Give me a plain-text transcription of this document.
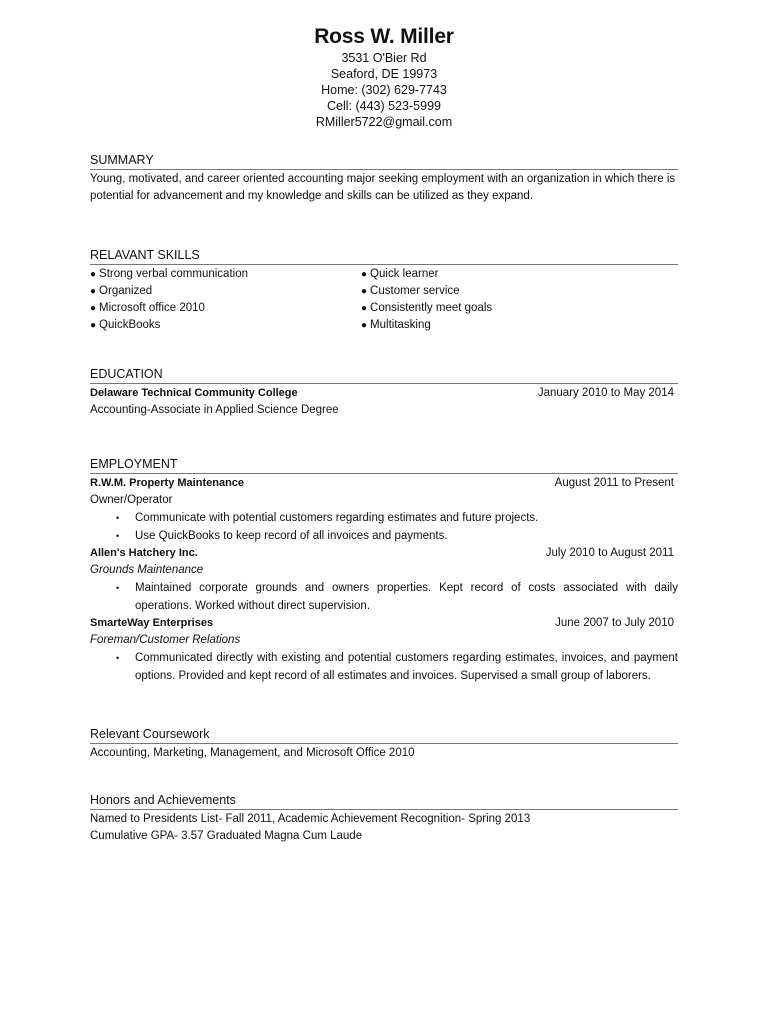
Ross W. Miller
3531 O'Bier Rd
Seaford, DE 19973
Home: (302) 629-7743
Cell: (443) 523-5999
RMiller5722@gmail.com
SUMMARY
Young, motivated, and career oriented accounting major seeking employment with an organization in which there is potential for advancement and my knowledge and skills can be utilized as they expand.
RELAVANT SKILLS
● Strong verbal communication
● Organized
● Microsoft office 2010
● QuickBooks
● Quick learner
● Customer service
● Consistently meet goals
● Multitasking
EDUCATION
Delaware Technical Community College	January 2010 to May 2014
Accounting-Associate in Applied Science Degree
EMPLOYMENT
R.W.M. Property Maintenance	August 2011 to Present
Owner/Operator
• Communicate with potential customers regarding estimates and future projects.
• Use QuickBooks to keep record of all invoices and payments.
Allen's Hatchery Inc.	July 2010 to August 2011
Grounds Maintenance
• Maintained corporate grounds and owners properties. Kept record of costs associated with daily operations. Worked without direct supervision.
SmarteWay Enterprises	June 2007 to July 2010
Foreman/Customer Relations
• Communicated directly with existing and potential customers regarding estimates, invoices, and payment options. Provided and kept record of all estimates and invoices. Supervised a small group of laborers.
Relevant Coursework
Accounting, Marketing, Management, and Microsoft Office 2010
Honors and Achievements
Named to Presidents List- Fall 2011, Academic Achievement Recognition- Spring 2013
Cumulative GPA- 3.57 Graduated Magna Cum Laude
